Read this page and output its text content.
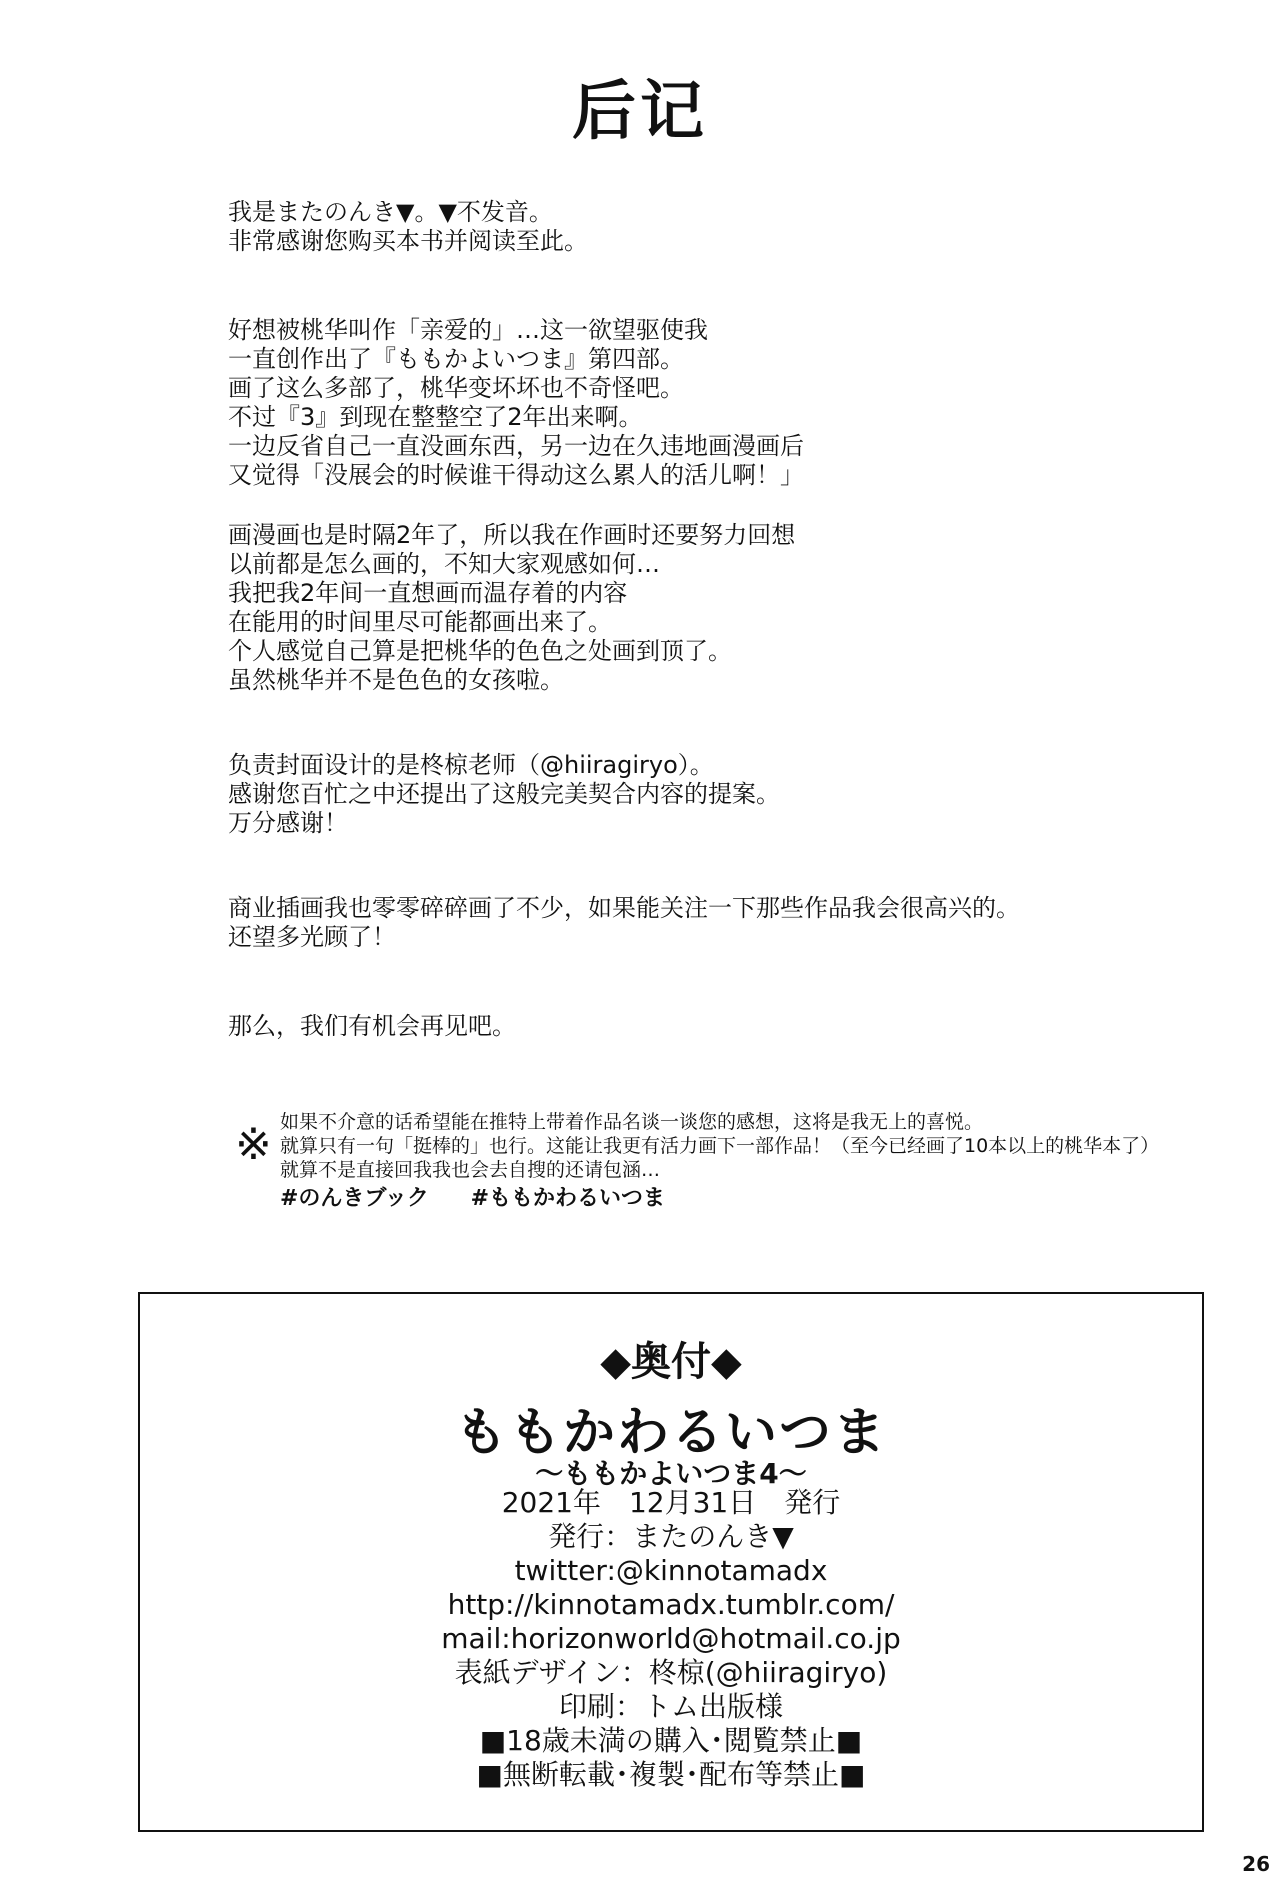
后记
我是またのんき▼。▼不发音。
非常感谢您购买本书并阅读至此。
好想被桃华叫作「亲爱的」…这一欲望驱使我
一直创作出了『ももかよいつま』第四部。
画了这么多部了，桃华变坏坏也不奇怪吧。
不过『3』到现在整整空了2年出来啊。
一边反省自己一直没画东西，另一边在久违地画漫画后
又觉得「没展会的时候谁干得动这么累人的活儿啊！」
画漫画也是时隔2年了，所以我在作画时还要努力回想
以前都是怎么画的，不知大家观感如何…
我把我2年间一直想画而温存着的内容
在能用的时间里尽可能都画出来了。
个人感觉自己算是把桃华的色色之处画到顶了。
虽然桃华并不是色色的女孩啦。
负责封面设计的是柊椋老师（@hiiragiryo）。
感谢您百忙之中还提出了这般完美契合内容的提案。
万分感谢！
商业插画我也零零碎碎画了不少，如果能关注一下那些作品我会很高兴的。
还望多光顾了！
那么，我们有机会再见吧。
※ 如果不介意的话希望能在推特上带着作品名谈一谈您的感想，这将是我无上的喜悦。
就算只有一句「挺棒的」也行。这能让我更有活力画下一部作品！（至今已经画了10本以上的桃华本了）
就算不是直接回我我也会去自搜的还请包涵…
#のんきブック #ももかわるいつま
◆奥付◆
ももかわるいつま
〜ももかよいつま4〜
2021年　12月31日　発行
発行：またのんき▼
twitter:@kinnotamadx
http://kinnotamadx.tumblr.com/
mail:horizonworld@hotmail.co.jp
表紙デザイン：柊椋(@hiiragiryo)
印刷：トム出版様
■18歳未満の購入･閲覧禁止■
■無断転載･複製･配布等禁止■
26
